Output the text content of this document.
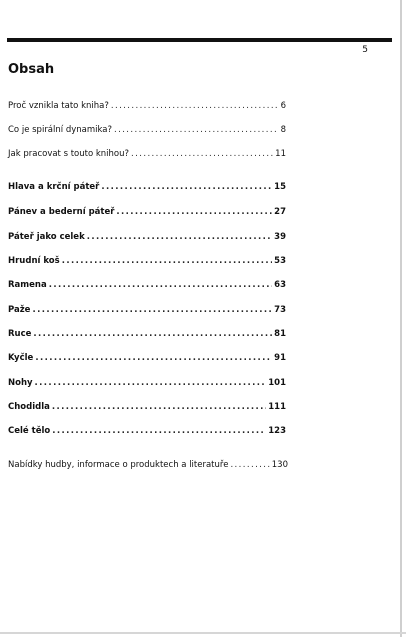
5
Obsah
Proč vznikla tato kniha? .....	6
Co je spirální dynamika? .....	8
Jak pracovat s touto knihou? .....	11
Hlava a krční páteř .....	15
Pánev a bederní páteř .....	27
Páteř jako celek .....	39
Hrudní koš .....	53
Ramena .....	63
Paže .....	73
Ruce .....	81
Kyčle .....	91
Nohy .....	101
Chodidla .....	111
Celé tělo .....	123
Nabídky hudby, informace o produktech a literatuře .....	130
